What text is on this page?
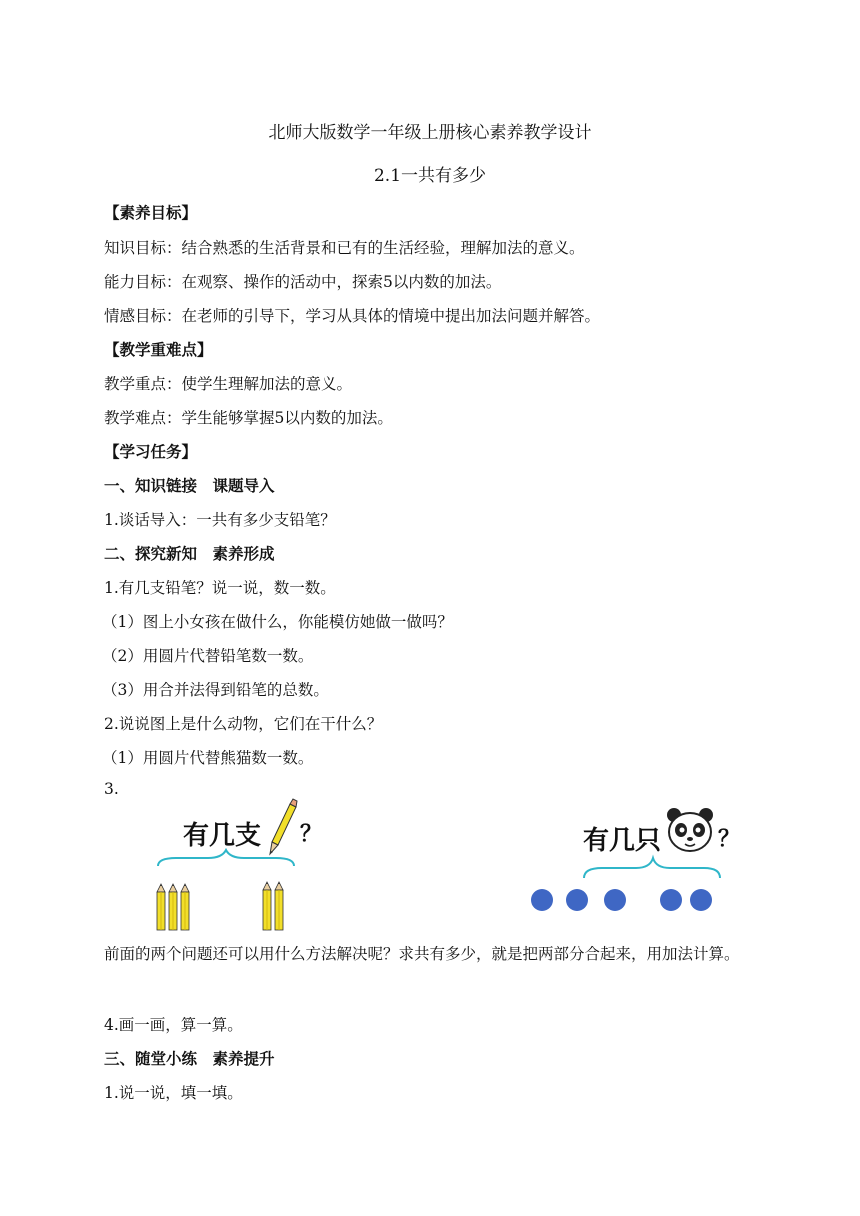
北师大版数学一年级上册核心素养教学设计
2.1一共有多少
【素养目标】
知识目标：结合熟悉的生活背景和已有的生活经验，理解加法的意义。
能力目标：在观察、操作的活动中，探索5以内数的加法。
情感目标：在老师的引导下，学习从具体的情境中提出加法问题并解答。
【教学重难点】
教学重点：使学生理解加法的意义。
教学难点：学生能够掌握5以内数的加法。
【学习任务】
一、知识链接　课题导入
1.谈话导入：一共有多少支铅笔？
二、探究新知　素养形成
1.有几支铅笔？说一说，数一数。
（1）图上小女孩在做什么，你能模仿她做一做吗？
（2）用圆片代替铅笔数一数。
（3）用合并法得到铅笔的总数。
2.说说图上是什么动物，它们在干什么？
（1）用圆片代替熊猫数一数。
3.
有几支 ？	有几只	？
前面的两个问题还可以用什么方法解决呢？求共有多少，就是把两部分合起来，用加法计算。
4.画一画，算一算。
三、随堂小练　素养提升
1.说一说，填一填。
